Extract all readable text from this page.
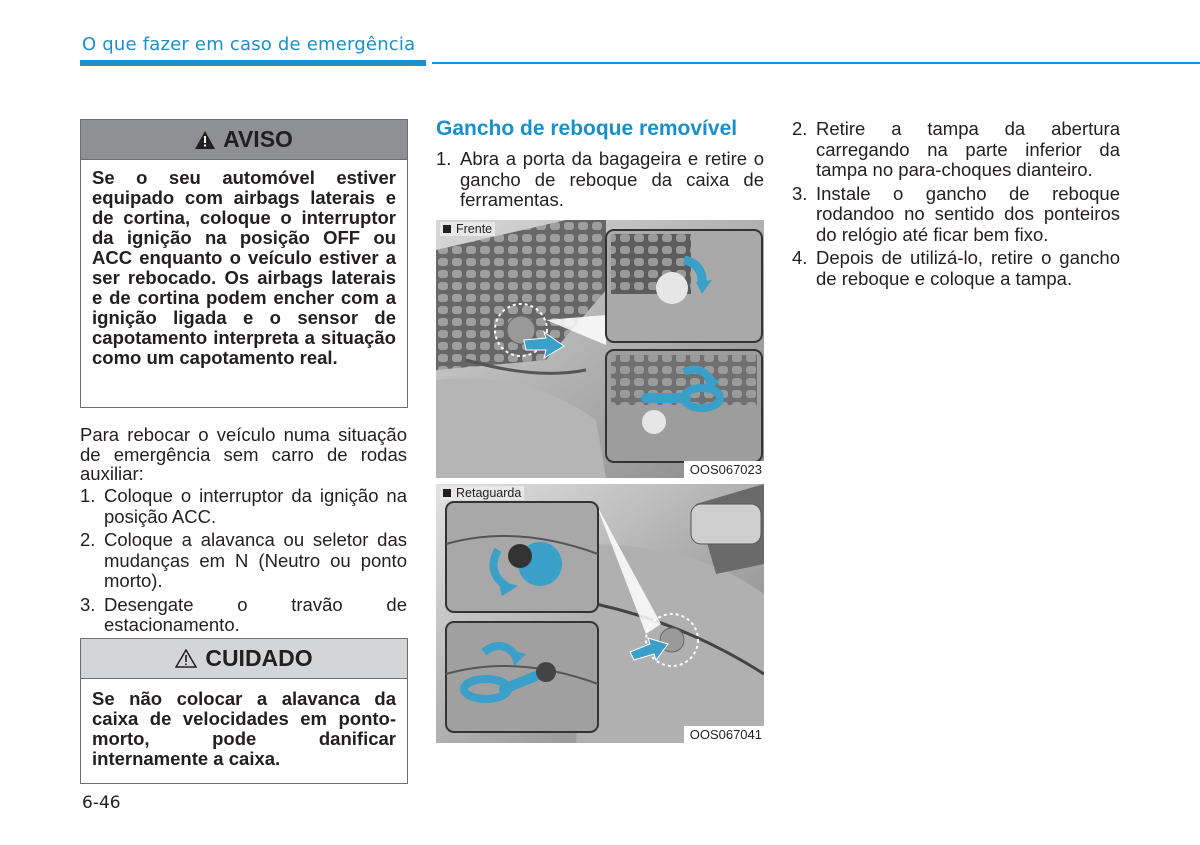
O que fazer em caso de emergência
AVISO
Se o seu automóvel estiver equipado com airbags laterais e de cortina, coloque o interruptor da ignição na posição OFF ou ACC enquanto o veículo estiver a ser rebocado. Os airbags laterais e de cortina podem encher com a ignição ligada e o sensor de capotamento interpreta a situação como um capotamento real.
Para rebocar o veículo numa situação de emergência sem carro de rodas auxiliar:
1. Coloque o interruptor da ignição na posição ACC.
2. Coloque a alavanca ou seletor das mudanças em N (Neutro ou ponto morto).
3. Desengate o travão de estacionamento.
CUIDADO
Se não colocar a alavanca da caixa de velocidades em ponto-morto, pode danificar internamente a caixa.
Gancho de reboque removível
1. Abra a porta da bagageira e retire o gancho de reboque da caixa de ferramentas.
Frente
OOS067023
Retaguarda
OOS067041
2. Retire a tampa da abertura carregando na parte inferior da tampa no para-choques dianteiro.
3. Instale o gancho de reboque rodandoo no sentido dos ponteiros do relógio até ficar bem fixo.
4. Depois de utilizá-lo, retire o gancho de reboque e coloque a tampa.
6-46
